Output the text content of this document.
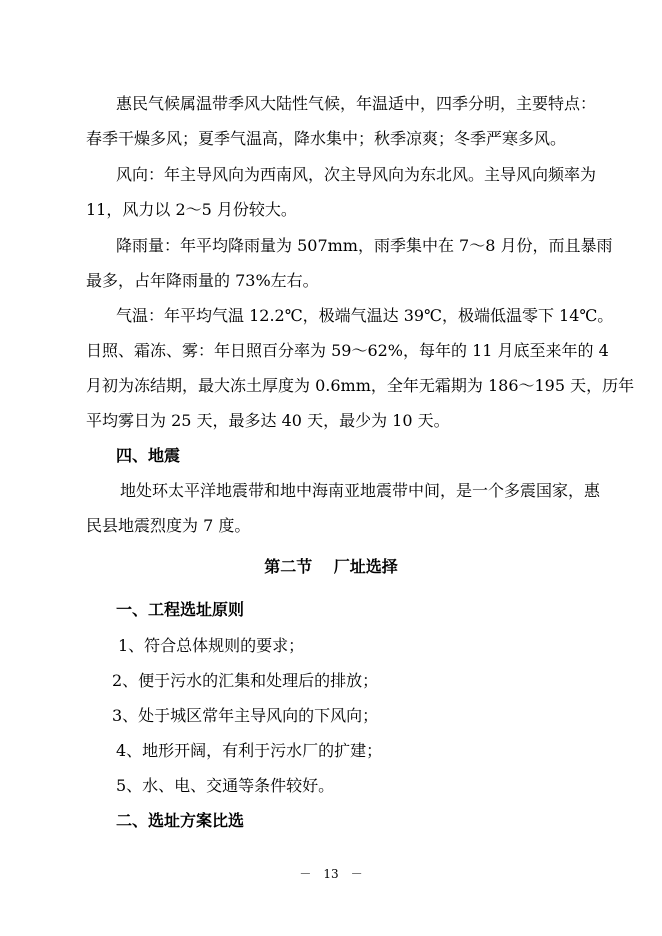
惠民气候属温带季风大陆性气候，年温适中，四季分明，主要特点：
春季干燥多风；夏季气温高，降水集中；秋季凉爽；冬季严寒多风。
风向：年主导风向为西南风，次主导风向为东北风。主导风向频率为
11，风力以 2～5 月份较大。
降雨量：年平均降雨量为 507mm，雨季集中在 7～8 月份，而且暴雨
最多，占年降雨量的 73%左右。
气温：年平均气温 12.2℃，极端气温达 39℃，极端低温零下 14℃。
日照、霜冻、雾：年日照百分率为 59～62%，每年的 11 月底至来年的 4
月初为冻结期，最大冻土厚度为 0.6mm，全年无霜期为 186～195 天，历年
平均雾日为 25 天，最多达 40 天，最少为 10 天。
四、地震
地处环太平洋地震带和地中海南亚地震带中间，是一个多震国家，惠
民县地震烈度为 7 度。
第二节　 厂址选择
一、工程选址原则
1、符合总体规则的要求；
2、便于污水的汇集和处理后的排放；
3、处于城区常年主导风向的下风向；
4、地形开阔，有利于污水厂的扩建；
5、水、电、交通等条件较好。
二、选址方案比选
－　13　－
